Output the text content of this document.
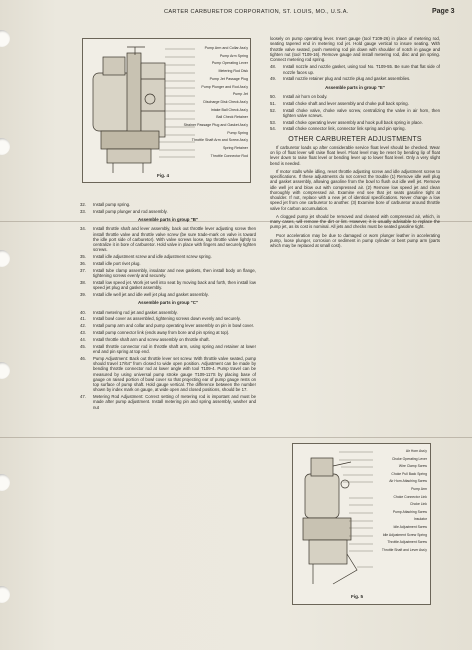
CARTER CARBURETOR CORPORATION, ST. LOUIS, MO., U.S.A.	Page 3
Pump Arm and Collar Ass'y
Pump Arm Spring
Pump Operating Lever
Metering Rod Disk
Pump Jet Passage Plug
Pump Plunger and Rod Ass'y
Pump Jet
Discharge Disk Check Ass'y
Intake Ball Check Ass'y
Ball Check Retainer
Strainer Passage Plug and Gasket Ass'y
Pump Spring
Throttle Shaft Arm and Screw Ass'y
Spring Retainer
Throttle Connector Rod
Fig. 4
32.	Install pump spring.
33.	Install pump plunger and rod assembly.
Assemble parts in group "B"
34.	Install throttle shaft and lever assembly, back out throttle lever adjusting screw then install throttle valve and throttle valve screw (be sure trade-mark on valve is toward the idle port side of carburetor). With valve screws loose, tap throttle valve lightly to centralize it in bore of carburetor. Hold valve in place with fingers and securely tighten screws.
35.	Install idle adjustment screw and idle adjustment screw spring.
36.	Install idle port rivet plug.
37.	Install tube clamp assembly, insulator and new gaskets, then install body on flange, tightening screws evenly and securely.
38.	Install low speed jet. Work jet well into seat by moving back and forth, then install low speed jet plug and gasket assembly.
39.	Install idle well jet and idle well jet plug and gasket assembly.
Assemble parts in group "C"
40.	Install metering rod jet and gasket assembly.
41.	Install bowl cover as assembled, tightening screws down evenly and securely.
42.	Install pump arm and collar and pump operating lever assembly on pin in bowl cover.
43.	Install pump connector link (ends away from bore and pin spring at top).
44.	Install throttle shaft arm and screw assembly on throttle shaft.
45.	Install throttle connector rod in throttle shaft arm, using spring and retainer at lower end and pin spring at top end.
46.	Pump Adjustment: Back out throttle lever set screw. With throttle valve seated, pump should travel 17/64" from closed to wide open position. Adjustment can be made by bending throttle connector rod at lower angle with tool T109-4. Pump travel can be measured by using universal pump stroke gauge T109-117S by placing base of gauge on raised portion of bowl cover so that projecting ear of pump gauge rests on top surface of pump shaft. Hold gauge vertical. The difference between the number shown by index mark on gauge, at wide open and closed positions, should be 17.
47.	Metering Rod Adjustment: Correct setting of metering rod is important and must be made after pump adjustment. Install metering pin and spring assembly, washer and nut
loosely on pump operating lever. Insert gauge (tool T109-26) in place of metering rod, seating tapered end in metering rod jet. Hold gauge vertical to insure seating. With throttle valve seated, push metering rod pin down with shoulder of notch in gauge and tighten nut (tool T109-16). Remove gauge and install metering rod, disc and pin spring. Connect metering rod spring.
48.	Install nozzle and nozzle gasket, using tool No. T109-55. Be sure that flat side of nozzle faces up.
49.	Install nozzle retainer plug and nozzle plug and gasket assemblies.
Assemble parts in group "E"
50.	Install air horn on body.
51.	Install choke shaft and lever assembly and choke pull back spring.
52.	Install choke valve, choke valve screw, centralizing the valve in air horn, then tighten valve screws.
53.	Install choke operating lever assembly and hook pull back spring in place.
54.	Install choke connector link, connector link spring and pin spring.
OTHER CARBURETER ADJUSTMENTS
If carburetor loads up after considerable service float level should be checked. Wear on lip of float lever will raise float level. Float level may be reset by bending lip of float lever down to raise float level or bending lever up to lower float level. Only a very slight bend is needed.
If motor stalls while idling, reset throttle adjusting screw and idle adjustment screw to specifications. If these adjustments do not correct the trouble (1) Remove idle well plug and gasket assembly, allowing gasoline from the bowl to flush out idle well jet. Remove idle well jet and blow out with compressed air. (2) Remove low speed jet and clean thoroughly with compressed air. Examine end see that jet seats gasoline tight at shoulder. If not, replace with a new jet of identical specifications. Never change a low speed jet from one carburetor to another. (3) Examine bore of carburetor around throttle valve for carbon accumulation.
A clogged pump jet should be removed and cleaned with compressed air, which, in many cases, will remove the dirt or lint. However, it is usually advisable to replace the pump jet, as its cost is nominal. All jets and checks must be seated gasoline tight.
Poor acceleration may be due to damaged or worn plunger leather in accelerating pump, loose plunger, corrosion or sediment in pump cylinder or bent pump arm (parts which may be replaced at small cost).
Air Horn Ass'y
Choke Operating Lever
Wire Clamp Screw
Choke Pull Back Spring
Air Horn Attaching Screw
Pump Arm
Choke Connector Link
Choke Link
Pump Attaching Screw
Insulator
Idle Adjustment Screw
Idle Adjustment Screw Spring
Throttle Adjustment Screw
Throttle Shaft and Lever Ass'y
Fig. 5
